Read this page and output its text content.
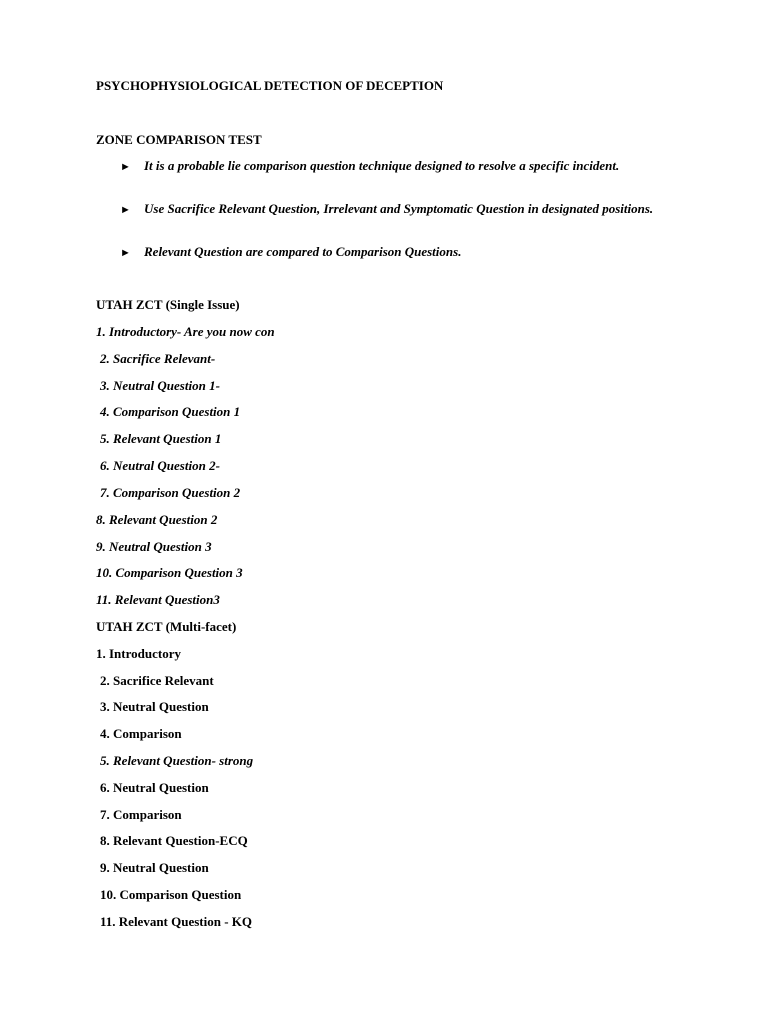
PSYCHOPHYSIOLOGICAL DETECTION OF DECEPTION
ZONE COMPARISON TEST
► It is a probable lie comparison question technique designed to resolve a specific incident.
► Use Sacrifice Relevant Question, Irrelevant and Symptomatic Question in designated positions.
► Relevant Question are compared to Comparison Questions.
UTAH ZCT (Single Issue)
1. Introductory- Are you now con
2. Sacrifice Relevant-
3. Neutral Question 1-
4. Comparison Question 1
5. Relevant Question 1
6. Neutral Question 2-
7. Comparison Question 2
8. Relevant Question 2
9. Neutral Question 3
10. Comparison Question 3
11. Relevant Question3
UTAH ZCT (Multi-facet)
1. Introductory
2. Sacrifice Relevant
3. Neutral Question
4. Comparison
5. Relevant Question- strong
6. Neutral Question
7. Comparison
8. Relevant Question-ECQ
9. Neutral Question
10. Comparison Question
11. Relevant Question - KQ
